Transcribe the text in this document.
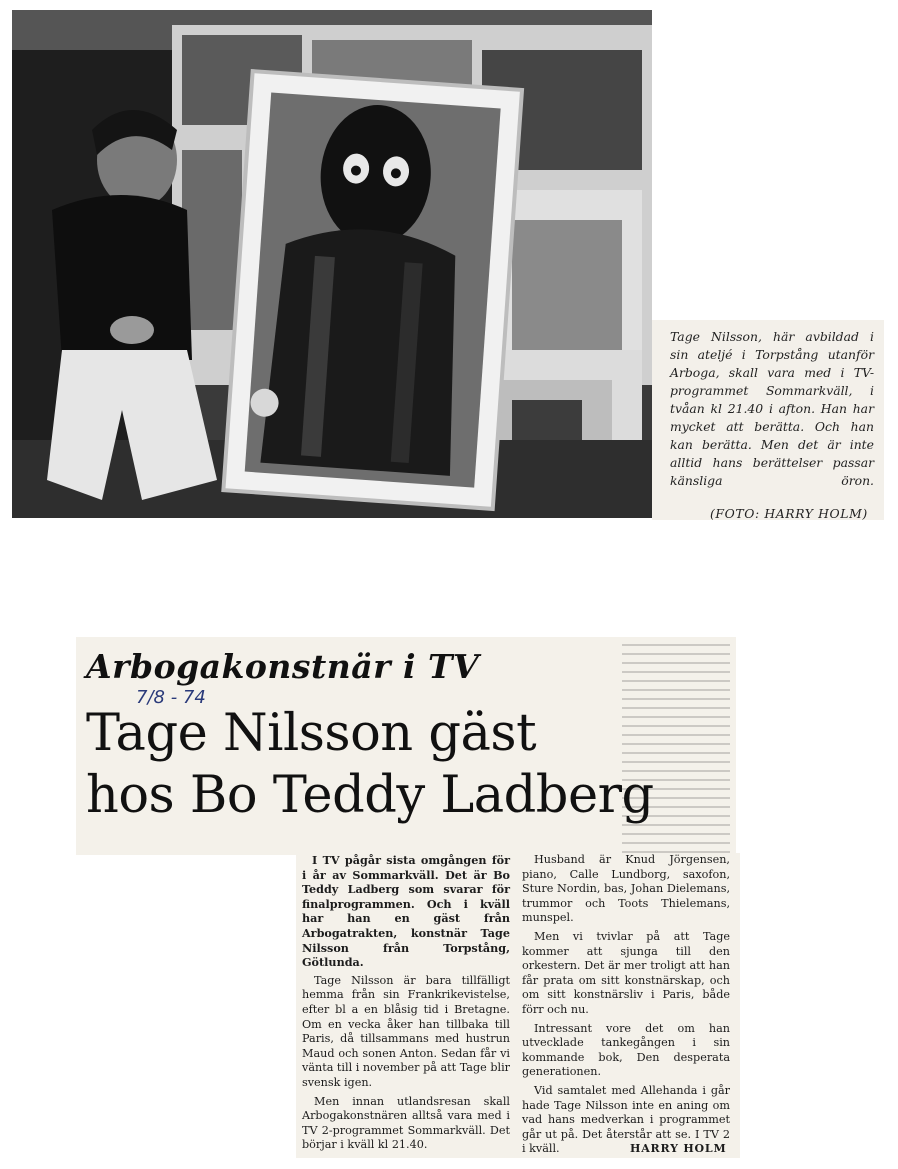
Tage Nilsson, här avbildad i
sin ateljé i Torpstång utanför
Arboga, skall vara med i TV-
programmet Sommarkväll, i
tvåan kl 21.40 i afton. Han har
mycket att berätta. Och han
kan berätta. Men det är inte
alltid hans berättelser passar
känsliga öron.
(FOTO: HARRY HOLM)
Arbogakonstnär i TV
7/8 - 74
Tage Nilsson gäst
hos Bo Teddy Ladberg

I TV pågår sista omgången för i år av Sommarkväll. Det är Bo Teddy Ladberg som svarar för finalprogrammen. Och i kväll har han en gäst från Arbogatrakten, konstnär Tage Nilsson från Torpstång, Götlunda.

Tage Nilsson är bara tillfälligt hemma från sin Frankrikevistelse, efter bl a en blåsig tid i Bretagne. Om en vecka åker han tillbaka till Paris, då tillsammans med hustrun Maud och sonen Anton. Sedan får vi vänta till i november på att Tage blir svensk igen.

Men innan utlandsresan skall Arbogakonstnären alltså vara med i TV 2-programmet Sommarkväll. Det börjar i kväll kl 21.40.

Husband är Knud Jörgensen, piano, Calle Lundborg, saxofon, Sture Nordin, bas, Johan Dielemans, trummor och Toots Thielemans, munspel.

Men vi tvivlar på att Tage kommer att sjunga till den orkestern. Det är mer troligt att han får prata om sitt konstnärskap, och om sitt konstnärsliv i Paris, både förr och nu.

Intressant vore det om han utvecklade tankegången i sin kommande bok, Den desperata generationen.

Vid samtalet med Allehanda i går hade Tage Nilsson inte en aning om vad hans medverkan i programmet går ut på. Det återstår att se. I TV 2 i kväll.	HARRY HOLM
